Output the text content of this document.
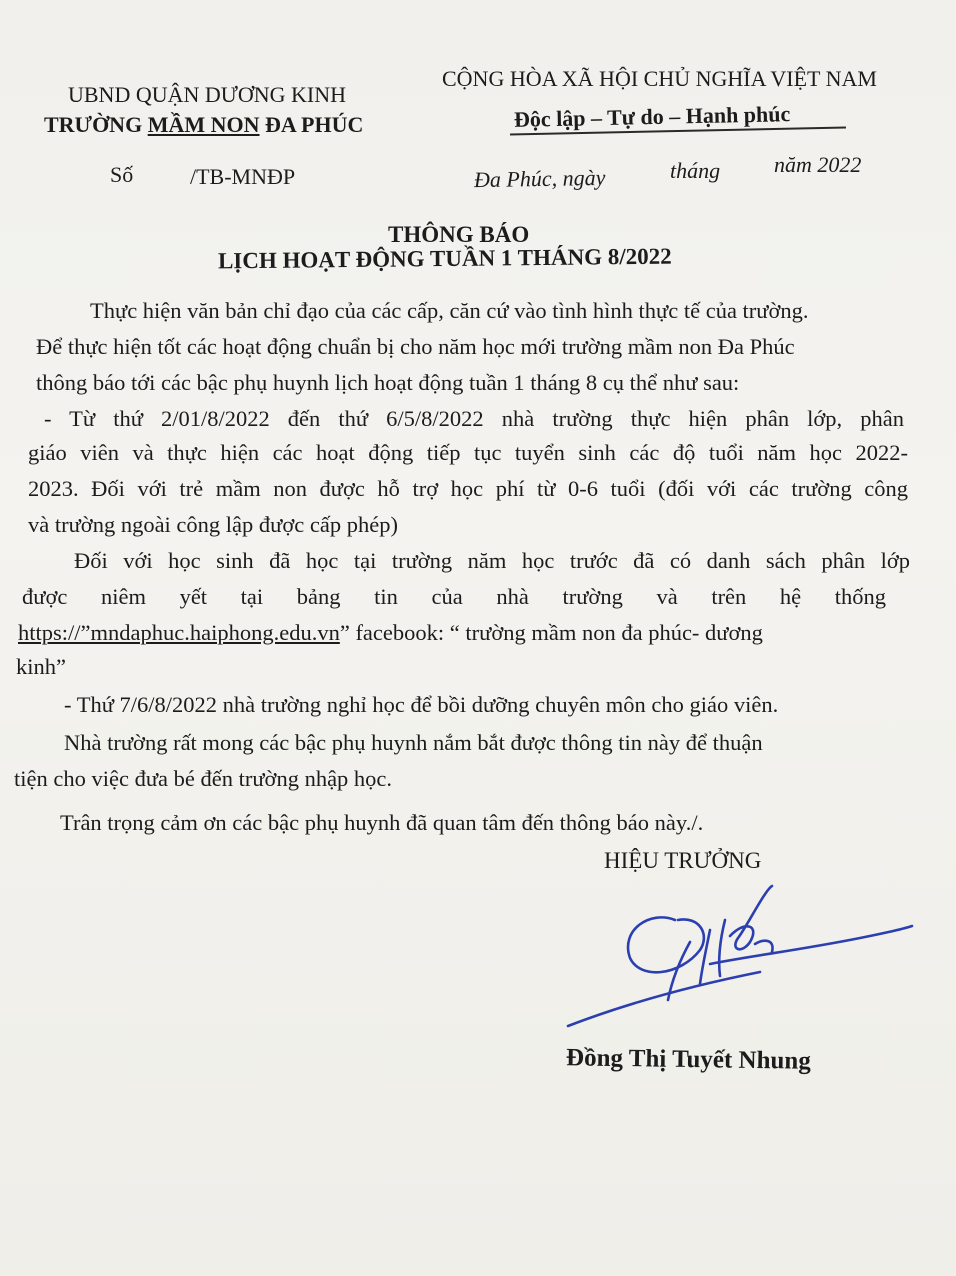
UBND QUẬN DƯƠNG KINH
TRƯỜNG MẦM NON ĐA PHÚC
CỘNG HÒA XÃ HỘI CHỦ NGHĨA VIỆT NAM
Độc lập – Tự do – Hạnh phúc
Số	/TB-MNĐP	Đa Phúc, ngày	tháng năm 2022
THÔNG BÁO
LỊCH HOẠT ĐỘNG TUẦN 1 THÁNG 8/2022
Thực hiện văn bản chỉ đạo của các cấp, căn cứ vào tình hình thực tế của trường.
Để thực hiện tốt các hoạt động chuẩn bị cho năm học mới trường mầm non Đa Phúc
thông báo tới các bậc phụ huynh lịch hoạt động tuần 1 tháng 8 cụ thể như sau:
- Từ thứ 2/01/8/2022 đến thứ 6/5/8/2022 nhà trường thực hiện phân lớp, phân
giáo viên và thực hiện các hoạt động tiếp tục tuyển sinh các độ tuổi năm học 2022-
2023. Đối với trẻ mầm non được hỗ trợ học phí từ 0-6 tuổi (đối với các trường công
và trường ngoài công lập được cấp phép)
Đối với học sinh đã học tại trường năm học trước đã có danh sách phân lớp
được niêm yết tại bảng tin của nhà trường và trên hệ thống
https://”mndaphuc.haiphong.edu.vn” facebook: “ trường mầm non đa phúc- dương
kinh”
- Thứ 7/6/8/2022 nhà trường nghỉ học để bồi dưỡng chuyên môn cho giáo viên.
Nhà trường rất mong các bậc phụ huynh nắm bắt được thông tin này để thuận
tiện cho việc đưa bé đến trường nhập học.
Trân trọng cảm ơn các bậc phụ huynh đã quan tâm đến thông báo này./.
HIỆU TRƯỞNG
Đồng Thị Tuyết Nhung
